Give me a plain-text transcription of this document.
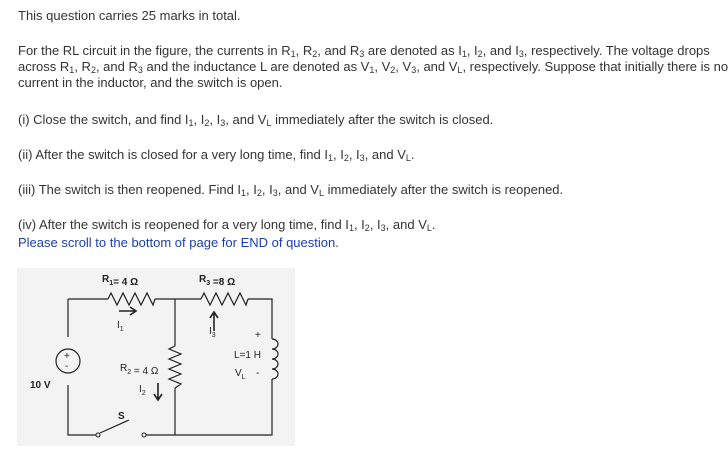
This question carries 25 marks in total.
For the RL circuit in the figure, the currents in $R_1$, $R_2$, and $R_3$ are denoted as $I_1$, $I_2$, and $I_3$, respectively. The voltage drops
across $R_1$, $R_2$, and $R_3$ and the inductance L are denoted as $V_1$, $V_2$, $V_3$, and $V_L$, respectively. Suppose that initially there is no
current in the inductor, and the switch is open.
(i) Close the switch, and find $I_1$, $I_2$, $I_3$, and $V_L$ immediately after the switch is closed.
(ii) After the switch is closed for a very long time, find $I_1$, $I_2$, $I_3$, and $V_L$.
(iii) The switch is then reopened. Find $I_1$, $I_2$, $I_3$, and $V_L$ immediately after the switch is reopened.
(iv) After the switch is reopened for a very long time, find $I_1$, $I_2$, $I_3$, and $V_L$.
Please scroll to the bottom of page for END of question.
$R_1= 4$ Ω	$R_3 =8$ Ω
$I_1$	$I_3$	+
L=1 H
$V_L$ -
$R_2 = 4$ Ω
$I_2$
+
-
10 V
S
